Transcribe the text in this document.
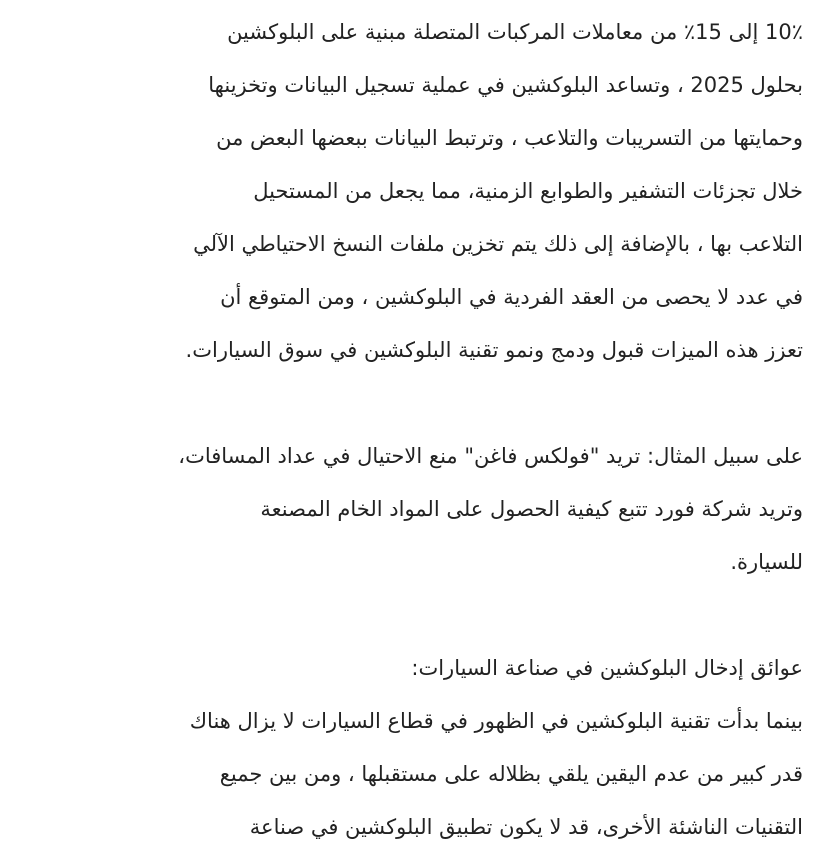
10٪ إلى 15٪ من معاملات المركبات المتصلة مبنية على البلوكشين
بحلول 2025 ، وتساعد البلوكشين في عملية تسجيل البيانات وتخزينها
وحمايتها من التسريبات والتلاعب ، وترتبط البيانات ببعضها البعض من
خلال تجزئات التشفير والطوابع الزمنية، مما يجعل من المستحيل
التلاعب بها ، بالإضافة إلى ذلك يتم تخزين ملفات النسخ الاحتياطي الآلي
في عدد لا يحصى من العقد الفردية في البلوكشين ، ومن المتوقع أن
تعزز هذه الميزات قبول ودمج ونمو تقنية البلوكشين في سوق السيارات.
على سبيل المثال: تريد "فولكس فاغن" منع الاحتيال في عداد المسافات،
وتريد شركة فورد تتبع كيفية الحصول على المواد الخام المصنعة
للسيارة.
عوائق إدخال البلوكشين في صناعة السيارات:
بينما بدأت تقنية البلوكشين في الظهور في قطاع السيارات لا يزال هناك
قدر كبير من عدم اليقين يلقي بظلاله على مستقبلها ، ومن بين جميع
التقنيات الناشئة الأخرى، قد لا يكون تطبيق البلوكشين في صناعة
